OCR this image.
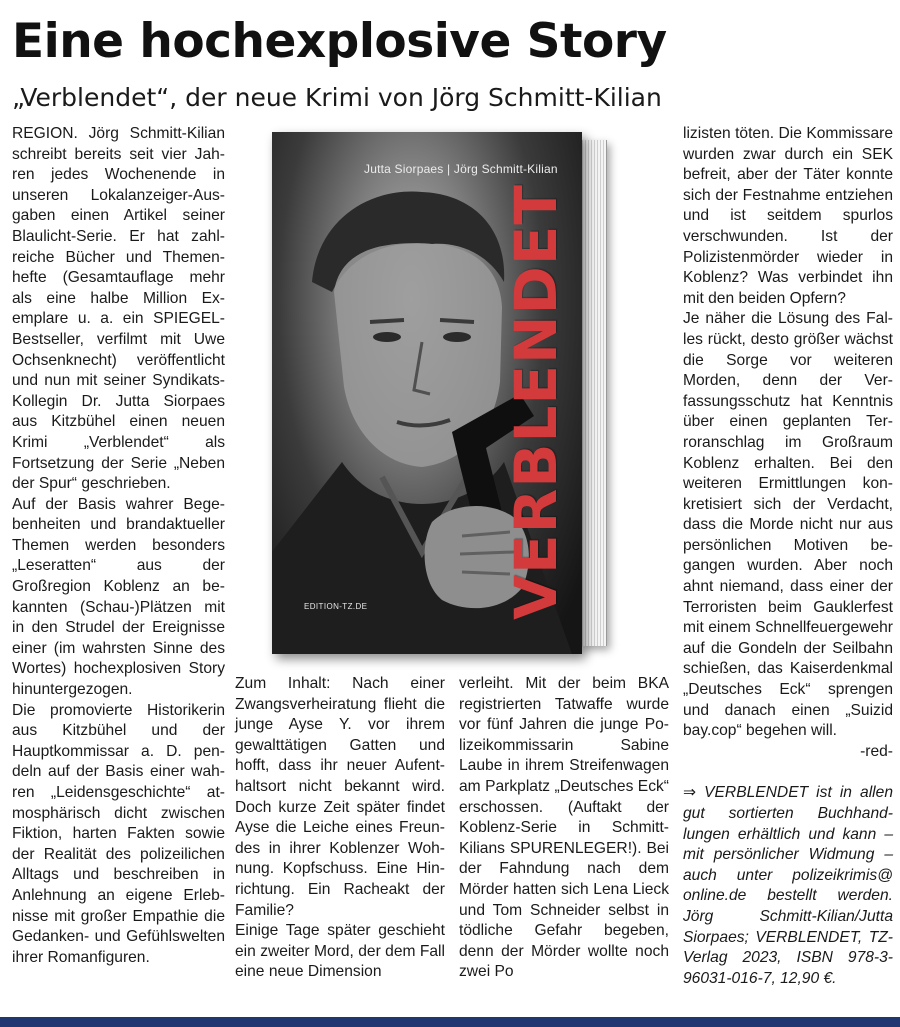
Eine hochexplosive Story
„Verblendet“, der neue Krimi von Jörg Schmitt-Kilian

REGION. Jörg Schmitt-Kilian schreibt bereits seit vier Jahren jedes Wochenende in unseren Lokalanzeiger-Ausgaben einen Artikel seiner Blaulicht-Serie. Er hat zahlreiche Bücher und Themenhefte (Gesamtauflage mehr als eine halbe Million Exemplare u. a. ein SPIEGEL-Bestseller, verfilmt mit Uwe Ochsenknecht) veröffentlicht und nun mit seiner Syndikats-Kollegin Dr. Jutta Siorpaes aus Kitzbühel einen neuen Krimi „Verblendet“ als Fortsetzung der Serie „Neben der Spur“ geschrieben.

Auf der Basis wahrer Begebenheiten und brandaktueller Themen werden besonders „Leseratten“ aus der Großregion Koblenz an bekannten (Schau-)Plätzen mit in den Strudel der Ereignisse einer (im wahrsten Sinne des Wortes) hochexplosiven Story hinuntergezogen.

Die promovierte Historikerin aus Kitzbühel und der Hauptkommissar a. D. pendeln auf der Basis einer wahren „Leidensgeschichte“ atmosphärisch dicht zwischen Fiktion, harten Fakten sowie der Realität des polizeilichen Alltags und beschreiben in Anlehnung an eigene Erlebnisse mit großer Empathie die Gedanken- und Gefühlswelten ihrer Romanfiguren.

Jutta Siorpaes | Jörg Schmitt-Kilian
VERBLENDET
EDITION-TZ.DE

Zum Inhalt: Nach einer Zwangsverheiratung flieht die junge Ayse Y. vor ihrem gewalttätigen Gatten und hofft, dass ihr neuer Aufenthaltsort nicht bekannt wird. Doch kurze Zeit später findet Ayse die Leiche eines Freundes in ihrer Koblenzer Wohnung. Kopfschuss. Eine Hinrichtung. Ein Racheakt der Familie?

Einige Tage später geschieht ein zweiter Mord, der dem Fall eine neue Dimension

verleiht. Mit der beim BKA registrierten Tatwaffe wurde vor fünf Jahren die junge Polizeikommissarin Sabine Laube in ihrem Streifenwagen am Parkplatz „Deutsches Eck“ erschossen. (Auftakt der Koblenz-Serie in Schmitt-Kilians SPURENLEGER!). Bei der Fahndung nach dem Mörder hatten sich Lena Lieck und Tom Schneider selbst in tödliche Gefahr begeben, denn der Mörder wollte noch zwei Po

lizisten töten. Die Kommissare wurden zwar durch ein SEK befreit, aber der Täter konnte sich der Festnahme entziehen und ist seitdem spurlos verschwunden. Ist der Polizistenmörder wieder in Koblenz? Was verbindet ihn mit den beiden Opfern?

Je näher die Lösung des Falles rückt, desto größer wächst die Sorge vor weiteren Morden, denn der Verfassungsschutz hat Kenntnis über einen geplanten Terroranschlag im Großraum Koblenz erhalten. Bei den weiteren Ermittlungen konkretisiert sich der Verdacht, dass die Morde nicht nur aus persönlichen Motiven begangen wurden. Aber noch ahnt niemand, dass einer der Terroristen beim Gauklerfest mit einem Schnellfeuergewehr auf die Gondeln der Seilbahn schießen, das Kaiserdenkmal „Deutsches Eck“ sprengen und danach einen „Suizid bay.cop“ begehen will.

-red-

⇒ VERBLENDET ist in allen gut sortierten Buchhandlungen erhältlich und kann – mit persönlicher Widmung – auch unter polizeikrimis@ online.de bestellt werden. Jörg Schmitt-Kilian/Jutta Siorpaes; VERBLENDET, TZ-Verlag 2023, ISBN 978-3-96031-016-7, 12,90 €.
